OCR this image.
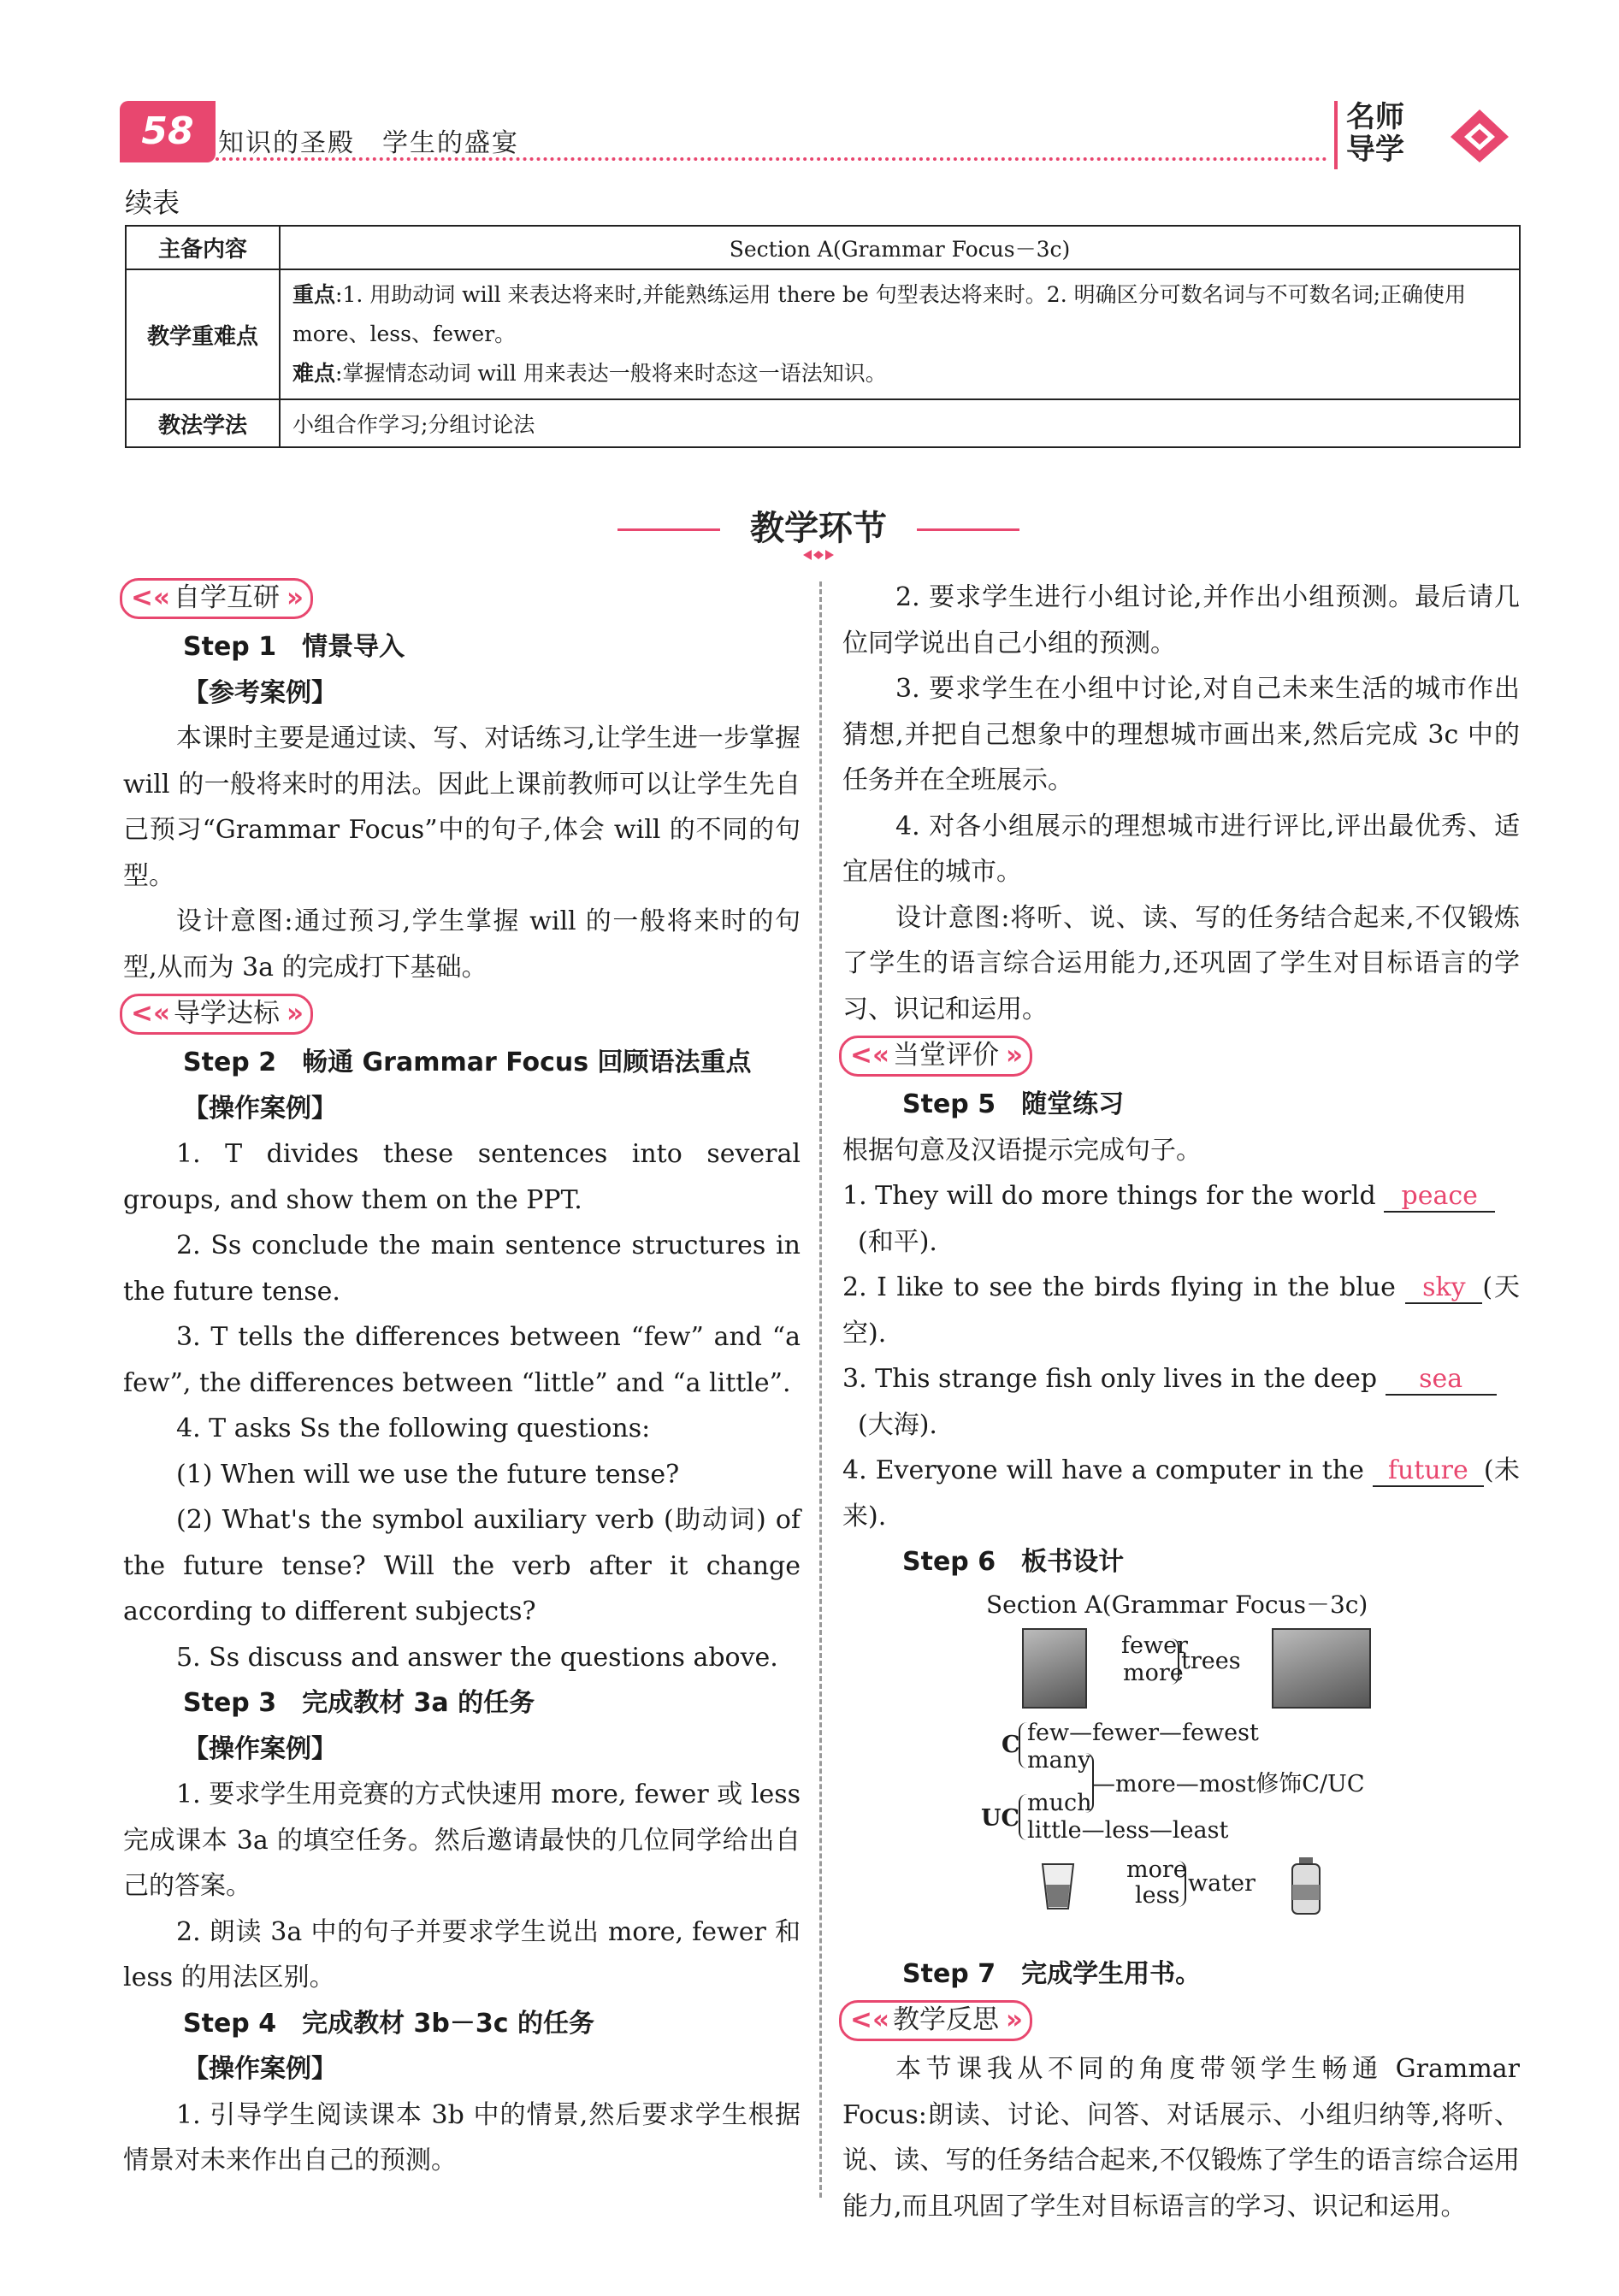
58 知识的圣殿　学生的盛宴
名师
导学
续表
主备内容	Section A(Grammar Focus－3c)
教学重难点	重点:1. 用助动词 will 来表达将来时,并能熟练运用 there be 句型表达将来时。2. 明确区分可数名词与不可数名词;正确使用 more、less、fewer。
难点:掌握情态动词 will 用来表达一般将来时态这一语法知识。

教法学法	小组合作学习;分组讨论法
教学环节
<« 自学互研 »

Step 1　情景导入

【参考案例】

本课时主要是通过读、写、对话练习,让学生进一步掌握 will 的一般将来时的用法。因此上课前教师可以让学生先自己预习“Grammar Focus”中的句子,体会 will 的不同的句型。

设计意图:通过预习,学生掌握 will 的一般将来时的句型,从而为 3a 的完成打下基础。

<« 导学达标 »

Step 2　畅通 Grammar Focus 回顾语法重点

【操作案例】

1. T divides these sentences into several groups, and show them on the PPT.

2. Ss conclude the main sentence structures in the future tense.

3. T tells the differences between “few” and “a few”, the differences between “little” and “a little”.

4. T asks Ss the following questions:

(1) When will we use the future tense?

(2) What's the symbol auxiliary verb (助动词) of the future tense? Will the verb after it change according to different subjects?

5. Ss discuss and answer the questions above.

Step 3　完成教材 3a 的任务

【操作案例】

1. 要求学生用竞赛的方式快速用 more, fewer 或 less 完成课本 3a 的填空任务。然后邀请最快的几位同学给出自己的答案。

2. 朗读 3a 中的句子并要求学生说出 more, fewer 和 less 的用法区别。

Step 4　完成教材 3b－3c 的任务

【操作案例】

1. 引导学生阅读课本 3b 中的情景,然后要求学生根据情景对未来作出自己的预测。

2. 要求学生进行小组讨论,并作出小组预测。最后请几位同学说出自己小组的预测。

3. 要求学生在小组中讨论,对自己未来生活的城市作出猜想,并把自己想象中的理想城市画出来,然后完成 3c 中的任务并在全班展示。

4. 对各小组展示的理想城市进行评比,评出最优秀、适宜居住的城市。

设计意图:将听、说、读、写的任务结合起来,不仅锻炼了学生的语言综合运用能力,还巩固了学生对目标语言的学习、识记和运用。

<« 当堂评价 »

Step 5　随堂练习

根据句意及汉语提示完成句子。

1. They will do more things for the world peace
(和平).

2. I like to see the birds flying in the blue sky (天空).

3. This strange fish only lives in the deep sea
(大海).

4. Everyone will have a computer in the future (未来).

Step 6　板书设计

Section A(Grammar Focus－3c)
fewer
more
trees
C few—fewer—fewest
many
—more—most修饰C/UC
much
UC little—less—least
more
less water

Step 7　完成学生用书。

<« 教学反思 »

本节课我从不同的角度带领学生畅通 Grammar Focus:朗读、讨论、问答、对话展示、小组归纳等,将听、说、读、写的任务结合起来,不仅锻炼了学生的语言综合运用能力,而且巩固了学生对目标语言的学习、识记和运用。
